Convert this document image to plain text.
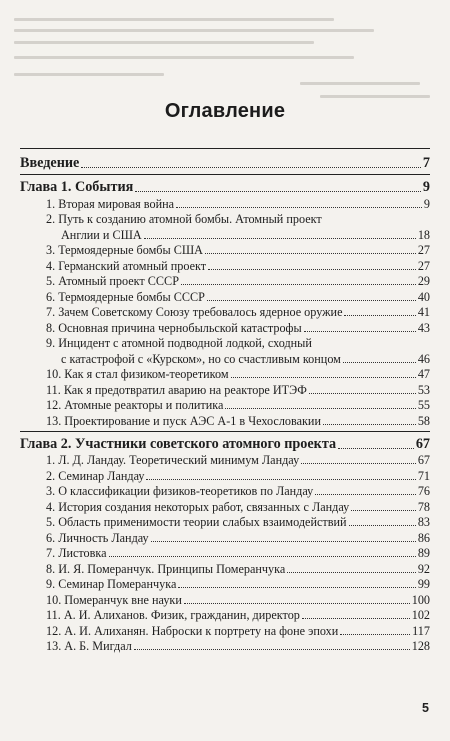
Оглавление
Введение	7
Глава 1. События	9
1. Вторая мировая война	9
2. Путь к созданию атомной бомбы. Атомный проект
Англии и США	18
3. Термоядерные бомбы США	27
4. Германский атомный проект	27
5. Атомный проект СССР	29
6. Термоядерные бомбы СССР	40
7. Зачем Советскому Союзу требовалось ядерное оружие	41
8. Основная причина чернобыльской катастрофы	43
9. Инцидент с атомной подводной лодкой, сходный
с катастрофой с «Курском», но со счастливым концом	46
10. Как я стал физиком-теоретиком	47
11. Как я предотвратил аварию на реакторе ИТЭФ	53
12. Атомные реакторы и политика	55
13. Проектирование и пуск АЭС А-1 в Чехословакии	58
Глава 2. Участники советского атомного проекта	67
1. Л. Д. Ландау. Теоретический минимум Ландау	67
2. Семинар Ландау	71
3. О классификации физиков-теоретиков по Ландау	76
4. История создания некоторых работ, связанных с Ландау	78
5. Область применимости теории слабых взаимодействий	83
6. Личность Ландау	86
7. Листовка	89
8. И. Я. Померанчук. Принципы Померанчука	92
9. Семинар Померанчука	99
10. Померанчук вне науки	100
11. А. И. Алиханов. Физик, гражданин, директор	102
12. А. И. Алиханян. Наброски к портрету на фоне эпохи	117
13. А. Б. Мигдал	128
5
